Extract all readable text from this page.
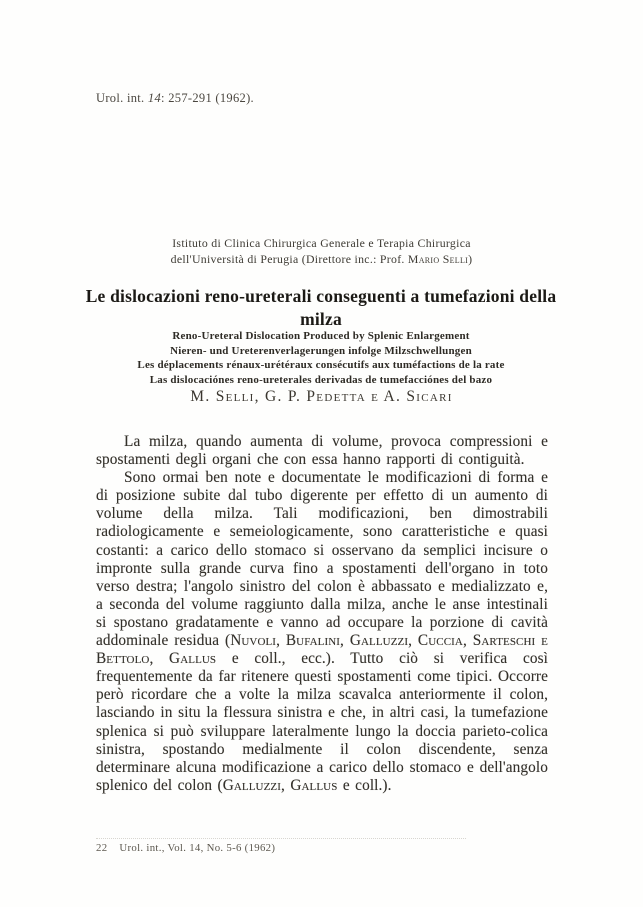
Urol. int. 14: 257-291 (1962).
Istituto di Clinica Chirurgica Generale e Terapia Chirurgica
dell'Università di Perugia (Direttore inc.: Prof. Mario Selli)
Le dislocazioni reno-ureterali conseguenti a tumefazioni della milza
Reno-Ureteral Dislocation Produced by Splenic Enlargement
Nieren- und Ureterenverlagerungen infolge Milzschwellungen
Les déplacements rénaux-urétéraux consécutifs aux tuméfactions de la rate
Las dislocaciónes reno-ureterales derivadas de tumefacciónes del bazo
M. Selli, G. P. Pedetta e A. Sicari

La milza, quando aumenta di volume, provoca compressioni e spostamenti degli organi che con essa hanno rapporti di contiguità.

Sono ormai ben note e documentate le modificazioni di forma e di posizione subite dal tubo digerente per effetto di un aumento di volume della milza. Tali modificazioni, ben dimostrabili radiologicamente e semeiologicamente, sono caratteristiche e quasi costanti: a carico dello stomaco si osservano da semplici incisure o impronte sulla grande curva fino a spostamenti dell'organo in toto verso destra; l'angolo sinistro del colon è abbassato e medializzato e, a seconda del volume raggiunto dalla milza, anche le anse intestinali si spostano gradatamente e vanno ad occupare la porzione di cavità addominale residua (Nuvoli, Bufalini, Galluzzi, Cuccia, Sarteschi e Bettolo, Gallus e coll., ecc.). Tutto ciò si verifica così frequentemente da far ritenere questi spostamenti come tipici. Occorre però ricordare che a volte la milza scavalca anteriormente il colon, lasciando in situ la flessura sinistra e che, in altri casi, la tumefazione splenica si può sviluppare lateralmente lungo la doccia parieto-colica sinistra, spostando medialmente il colon discendente, senza determinare alcuna modificazione a carico dello stomaco e dell'angolo splenico del colon (Galluzzi, Gallus e coll.).

22 Urol. int., Vol. 14, No. 5-6 (1962)
